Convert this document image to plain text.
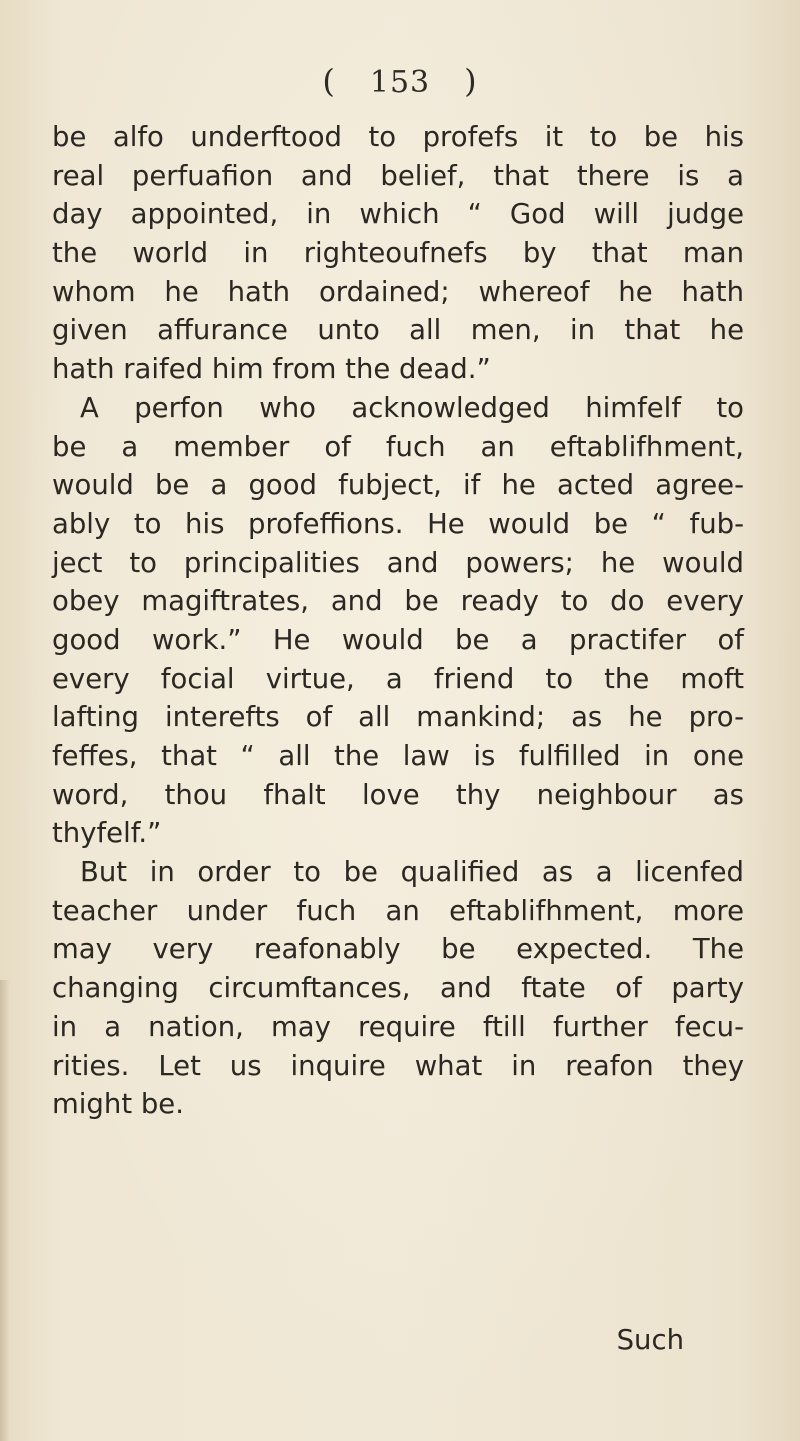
( 153 )
be alfo underftood to profefs it to be his
real perfuafion and belief, that there is a
day appointed, in which “ God will judge
the world in righteoufnefs by that man
whom he hath ordained; whereof he hath
given affurance unto all men, in that he
hath raifed him from the dead.”
A perfon who acknowledged himfelf to
be a member of fuch an eftablifhment,
would be a good fubject, if he acted agree-
ably to his profeffions. He would be “ fub-
ject to principalities and powers; he would
obey magiftrates, and be ready to do every
good work.” He would be a practifer of
every focial virtue, a friend to the moft
lafting interefts of all mankind; as he pro-
feffes, that “ all the law is fulfilled in one
word, thou fhalt love thy neighbour as
thyfelf.”
But in order to be qualified as a licenfed
teacher under fuch an eftablifhment, more
may very reafonably be expected. The
changing circumftances, and ftate of party
in a nation, may require ftill further fecu-
rities. Let us inquire what in reafon they
might be.
Such
